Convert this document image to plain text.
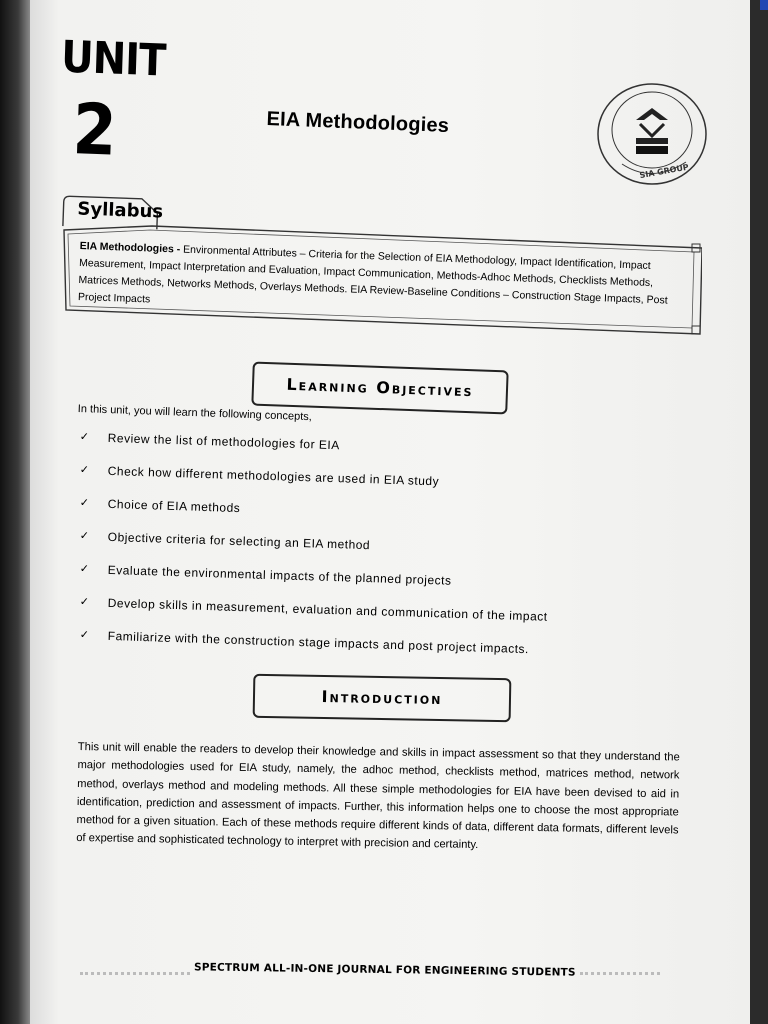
UNIT
2	EIA Methodologies
SIA GROUP
Syllabus
EIA Methodologies - Environmental Attributes – Criteria for the Selection of EIA Methodology, Impact Identification, Impact Measurement, Impact Interpretation and Evaluation, Impact Communication, Methods-Adhoc Methods, Checklists Methods, Matrices Methods, Networks Methods, Overlays Methods. EIA Review-Baseline Conditions – Construction Stage Impacts, Post Project Impacts
Learning Objectives
In this unit, you will learn the following concepts,
✓ Review the list of methodologies for EIA
✓ Check how different methodologies are used in EIA study
✓ Choice of EIA methods
✓ Objective criteria for selecting an EIA method
✓ Evaluate the environmental impacts of the planned projects
✓ Develop skills in measurement, evaluation and communication of the impact
✓ Familiarize with the construction stage impacts and post project impacts.
Introduction
This unit will enable the readers to develop their knowledge and skills in impact assessment so that they understand the major methodologies used for EIA study, namely, the adhoc method, checklists method, matrices method, network method, overlays method and modeling methods. All these simple methodologies for EIA have been devised to aid in identification, prediction and assessment of impacts. Further, this information helps one to choose the most appropriate method for a given situation. Each of these methods require different kinds of data, different data formats, different levels of expertise and sophisticated technology to interpret with precision and certainty.
SPECTRUM ALL-IN-ONE JOURNAL FOR ENGINEERING STUDENTS
